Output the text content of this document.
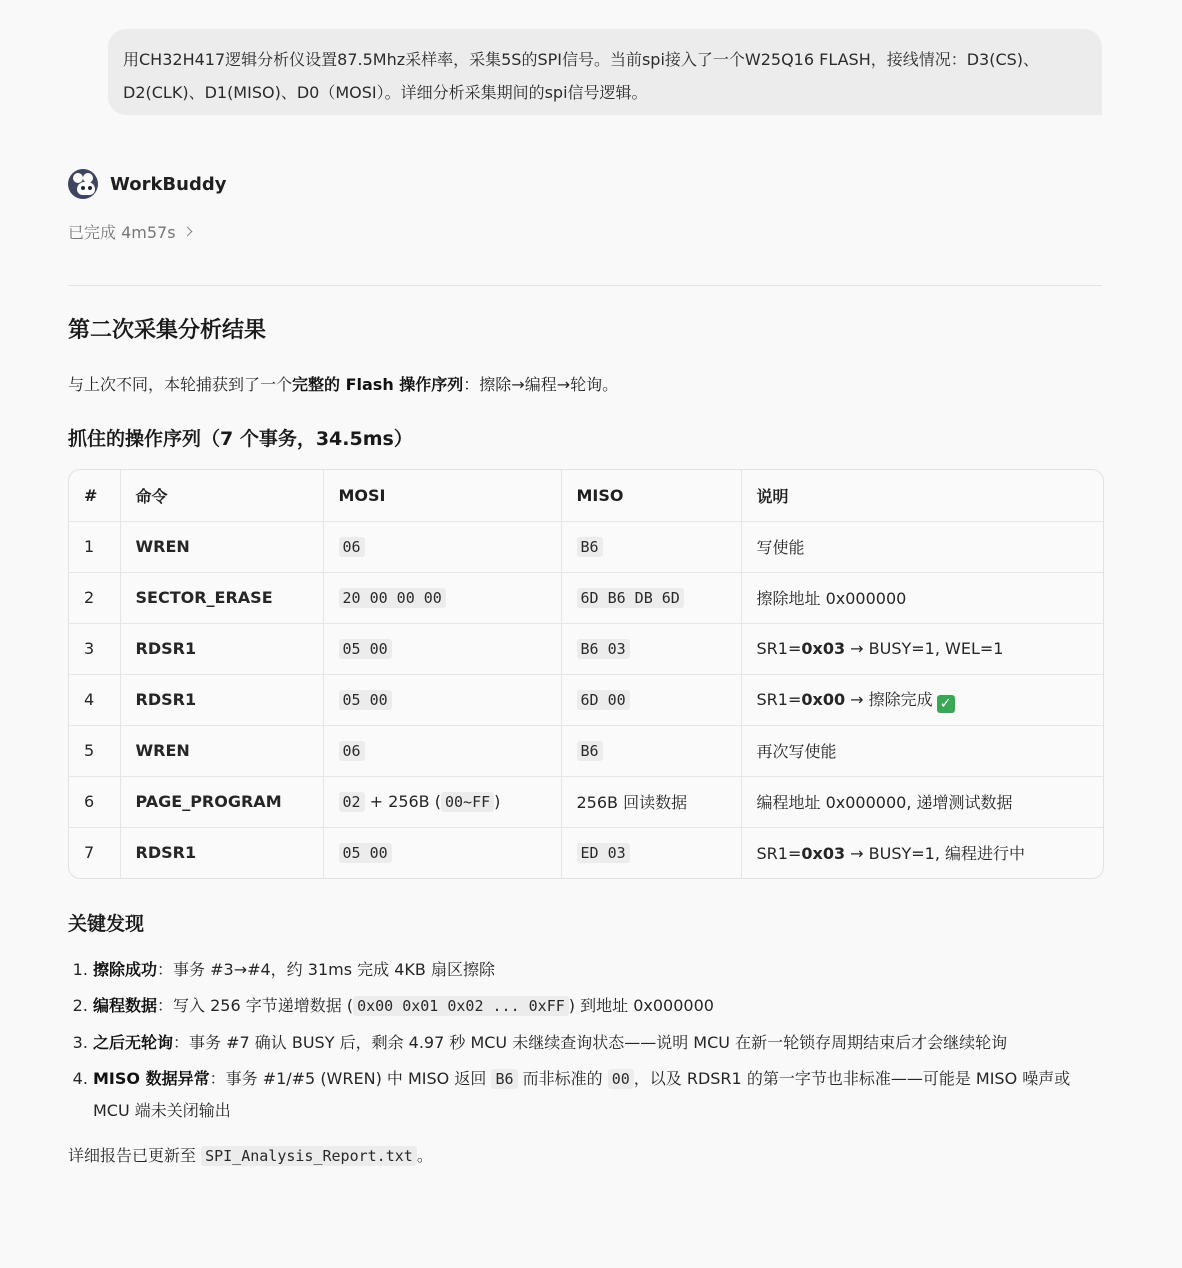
用CH32H417逻辑分析仪设置87.5Mhz采样率，采集5S的SPI信号。当前spi接入了一个W25Q16 FLASH，接线情况：D3(CS)、
D2(CLK)、D1(MISO)、D0（MOSI）。详细分析采集期间的spi信号逻辑。
WorkBuddy
已完成 4m57s
第二次采集分析结果
与上次不同，本轮捕获到了一个完整的 Flash 操作序列：擦除→编程→轮询。
抓住的操作序列（7 个事务，34.5ms）
#	命令	MOSI	MISO	说明
1	WREN	06	B6	写使能
2	SECTOR_ERASE	20 00 00 00	6D B6 DB 6D	擦除地址 0x000000
3	RDSR1	05 00	B6 03	SR1=0x03 → BUSY=1, WEL=1
4	RDSR1	05 00	6D 00	SR1=0x00 → 擦除完成 ✓
5	WREN	06	B6	再次写使能
6	PAGE_PROGRAM	02 + 256B ( 00~FF )	256B 回读数据	编程地址 0x000000, 递增测试数据
7	RDSR1	05 00	ED 03	SR1=0x03 → BUSY=1, 编程进行中
关键发现
1. 擦除成功：事务 #3→#4，约 31ms 完成 4KB 扇区擦除
2. 编程数据：写入 256 字节递增数据 ( 0x00 0x01 0x02 ... 0xFF ) 到地址 0x000000
3. 之后无轮询：事务 #7 确认 BUSY 后，剩余 4.97 秒 MCU 未继续查询状态——说明 MCU 在新一轮锁存周期结束后才会继续轮询
4. MISO 数据异常：事务 #1/#5 (WREN) 中 MISO 返回 B6 而非标准的 00 ，以及 RDSR1 的第一字节也非标准——可能是 MISO 噪声或 MCU 端未关闭输出
详细报告已更新至 SPI_Analysis_Report.txt 。
